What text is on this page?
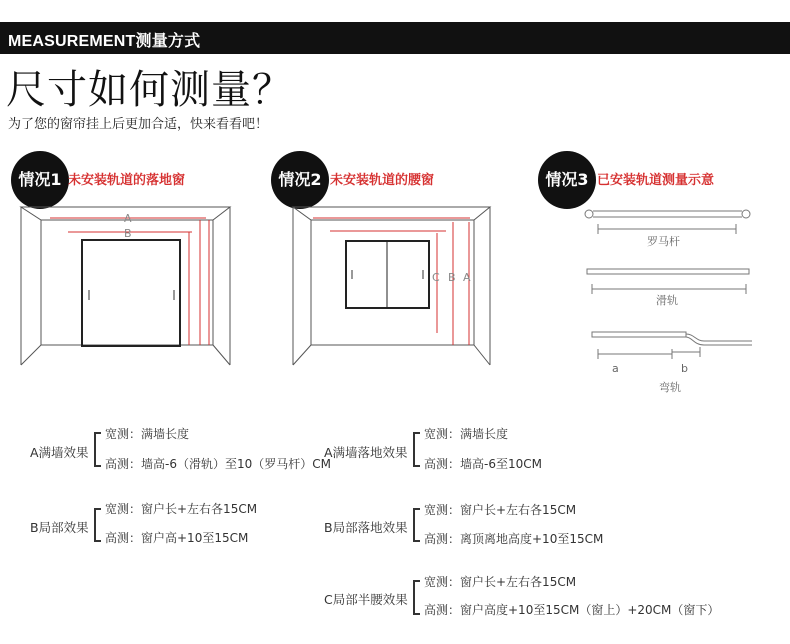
MEASUREMENT测量方式
尺寸如何测量？
为了您的窗帘挂上后更加合适，快来看看吧！
情况1 未安装轨道的落地窗	情况2 未安装轨道的腰窗	情况3 已安装轨道测量示意
A
B
C B A
罗马杆
滑轨
a	b
弯轨
A满墙效果
宽测：满墙长度
高测：墙高-6（滑轨）至10（罗马杆）CM
A满墙落地效果
宽测：满墙长度
高测：墙高-6至10CM
B局部效果
宽测：窗户长+左右各15CM
高测：窗户高+10至15CM
B局部落地效果
宽测：窗户长+左右各15CM
高测：离顶离地高度+10至15CM
C局部半腰效果
宽测：窗户长+左右各15CM
高测：窗户高度+10至15CM（窗上）+20CM（窗下）
